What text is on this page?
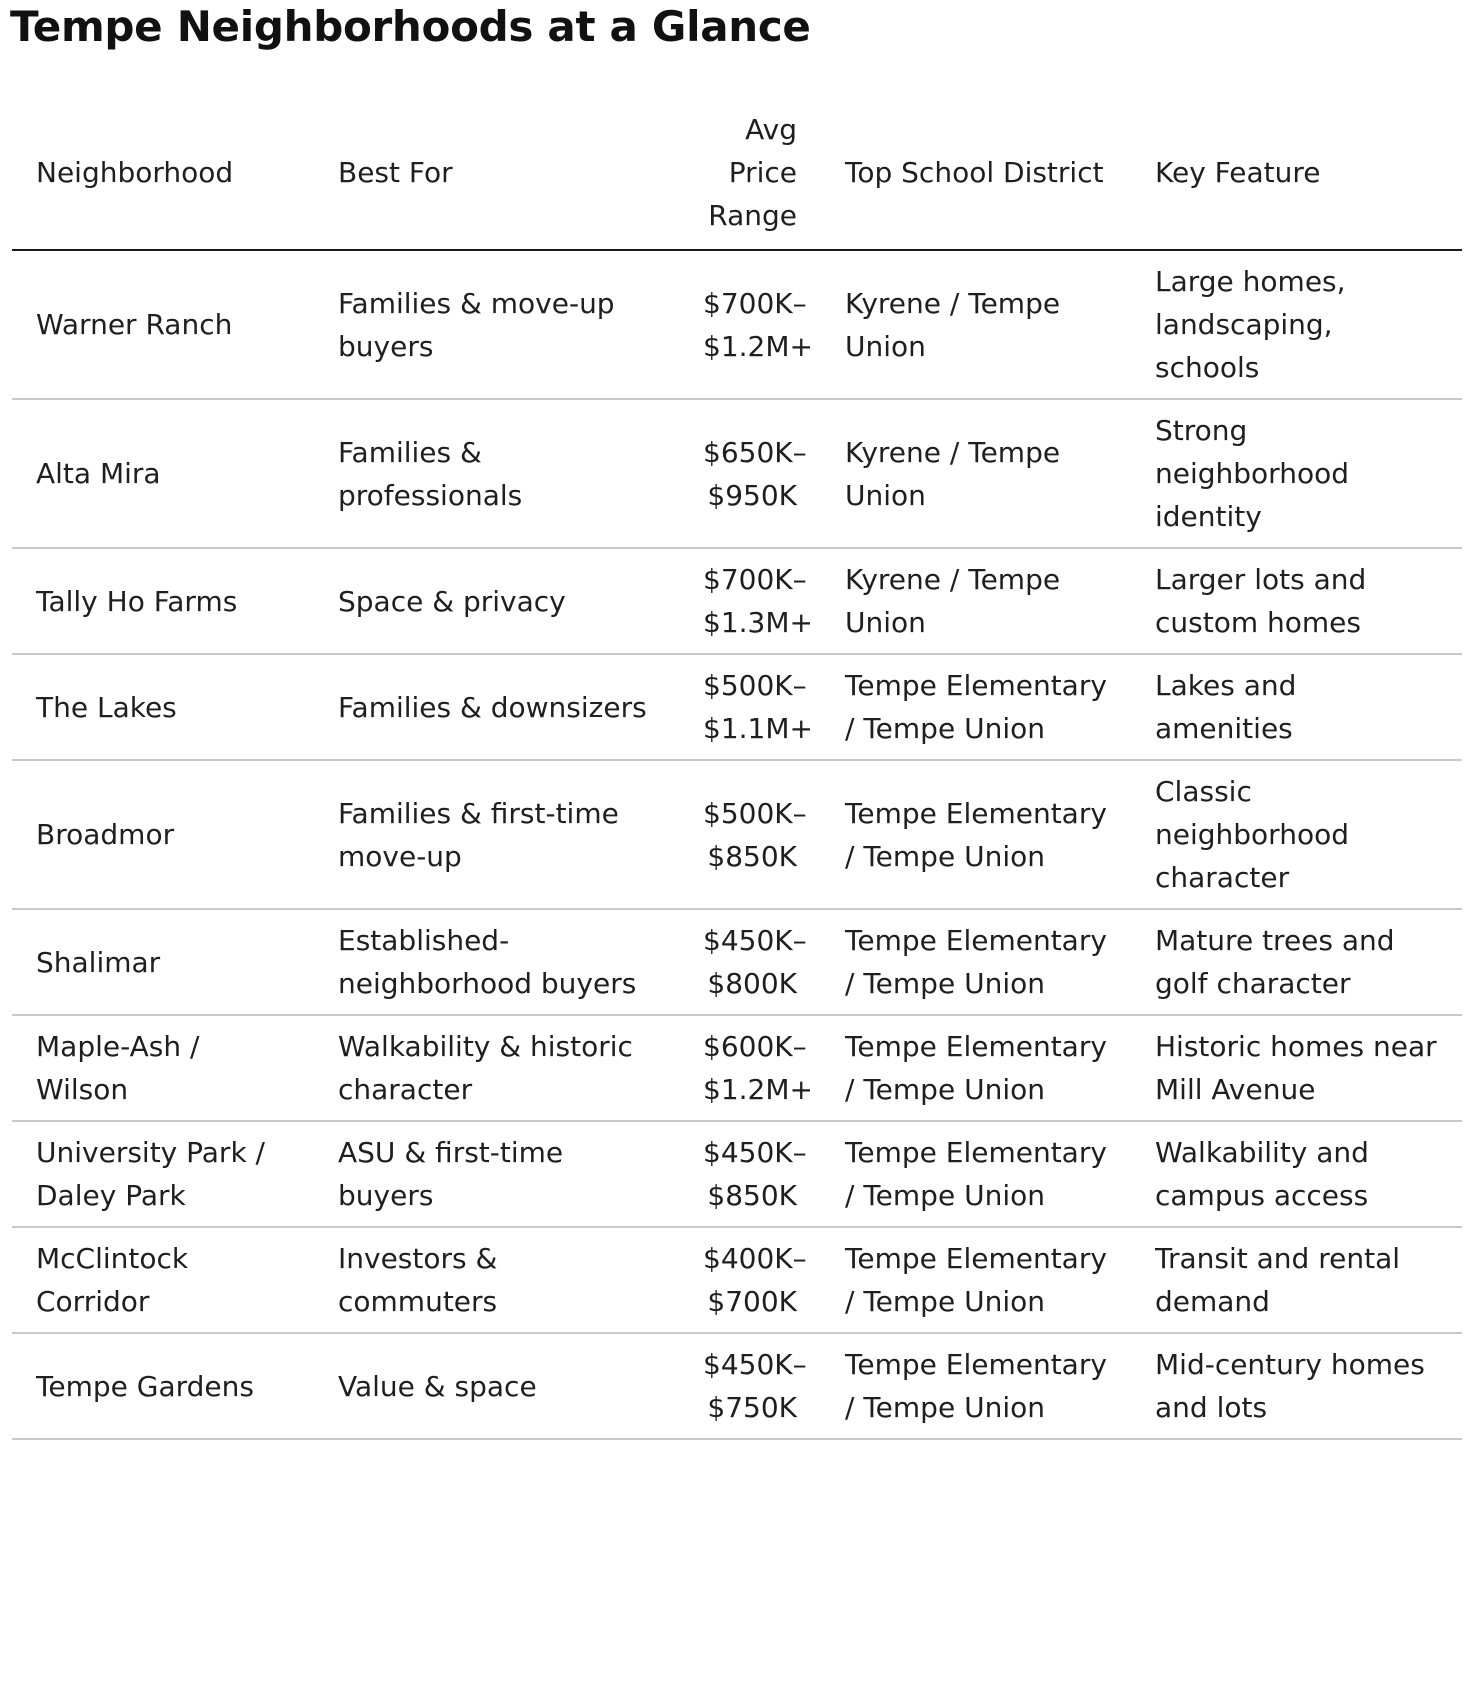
Tempe Neighborhoods at a Glance
Neighborhood	Best For	Avg Price Range	Top School District	Key Feature
Warner Ranch	Families & move-up buyers	$700K–$1.2M+	Kyrene / Tempe Union	Large homes, landscaping, schools
Alta Mira	Families & professionals	$650K–$950K	Kyrene / Tempe Union	Strong neighborhood identity
Tally Ho Farms	Space & privacy	$700K–$1.3M+	Kyrene / Tempe Union	Larger lots and custom homes
The Lakes	Families & downsizers	$500K–$1.1M+	Tempe Elementary / Tempe Union	Lakes and amenities
Broadmor	Families & first-time move-up	$500K–$850K	Tempe Elementary / Tempe Union	Classic neighborhood character
Shalimar	Established-neighborhood buyers	$450K–$800K	Tempe Elementary / Tempe Union	Mature trees and golf character
Maple-Ash / Wilson	Walkability & historic character	$600K–$1.2M+	Tempe Elementary / Tempe Union	Historic homes near Mill Avenue
University Park / Daley Park	ASU & first-time buyers	$450K–$850K	Tempe Elementary / Tempe Union	Walkability and campus access
McClintock Corridor	Investors & commuters	$400K–$700K	Tempe Elementary / Tempe Union	Transit and rental demand
Tempe Gardens	Value & space	$450K–$750K	Tempe Elementary / Tempe Union	Mid-century homes and lots
